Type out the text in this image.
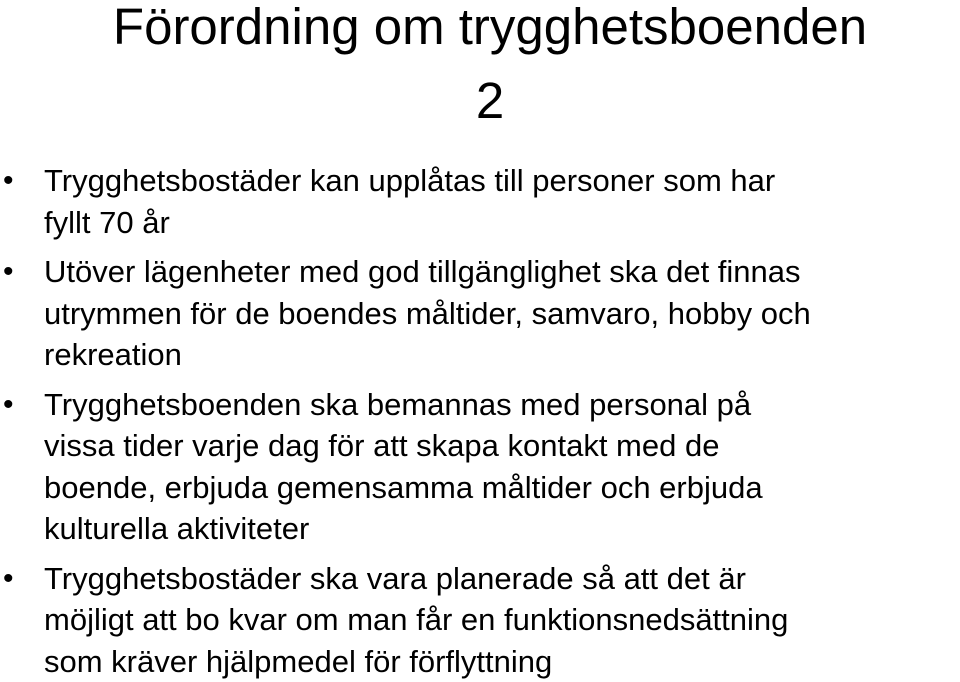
Förordning om trygghetsboenden
2
• Trygghetsbostäder kan upplåtas till personer som har
fyllt 70 år
• Utöver lägenheter med god tillgänglighet ska det finnas
utrymmen för de boendes måltider, samvaro, hobby och
rekreation
• Trygghetsboenden ska bemannas med personal på
vissa tider varje dag för att skapa kontakt med de
boende, erbjuda gemensamma måltider och erbjuda
kulturella aktiviteter
• Trygghetsbostäder ska vara planerade så att det är
möjligt att bo kvar om man får en funktionsnedsättning
som kräver hjälpmedel för förflyttning
